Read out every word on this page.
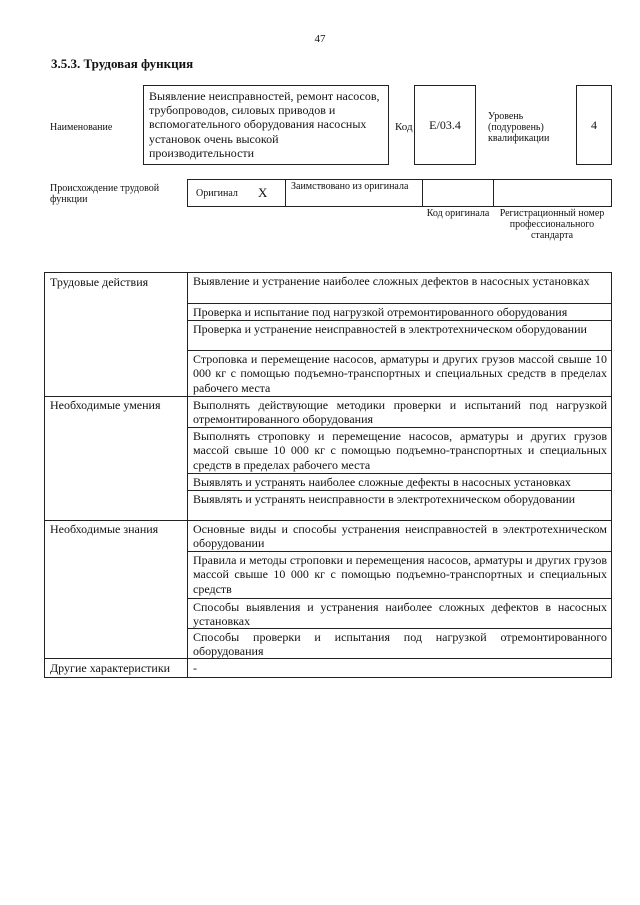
47
3.5.3. Трудовая функция
Наименование
Выявление неисправностей, ремонт насосов, трубопроводов, силовых приводов и вспомогательного оборудования насосных установок очень высокой производительности
Код E/03.4
Уровень (подуровень) квалификации
4
Происхождение трудовой функции
Оригинал X Заимствовано из оригинала
Код оригинала	Регистрационный номер профессионального стандарта
Трудовые действия
Необходимые умения
Необходимые знания
Другие характеристики
Выявление и устранение наиболее сложных дефектов в насосных установках
Проверка и испытание под нагрузкой отремонтированного оборудования
Проверка и устранение неисправностей в электротехническом оборудовании
Строповка и перемещение насосов, арматуры и других грузов массой свыше 10 000 кг с помощью подъемно-транспортных и специальных средств в пределах рабочего места
Выполнять действующие методики проверки и испытаний под нагрузкой отремонтированного оборудования
Выполнять строповку и перемещение насосов, арматуры и других грузов массой свыше 10 000 кг с помощью подъемно-транспортных и специальных средств в пределах рабочего места
Выявлять и устранять наиболее сложные дефекты в насосных установках
Выявлять и устранять неисправности в электротехническом оборудовании
Основные виды и способы устранения неисправностей в электротехническом оборудовании
Правила и методы строповки и перемещения насосов, арматуры и других грузов массой свыше 10 000 кг с помощью подъемно-транспортных и специальных средств
Способы выявления и устранения наиболее сложных дефектов в насосных установках
Способы проверки и испытания под нагрузкой отремонтированного оборудования
-
